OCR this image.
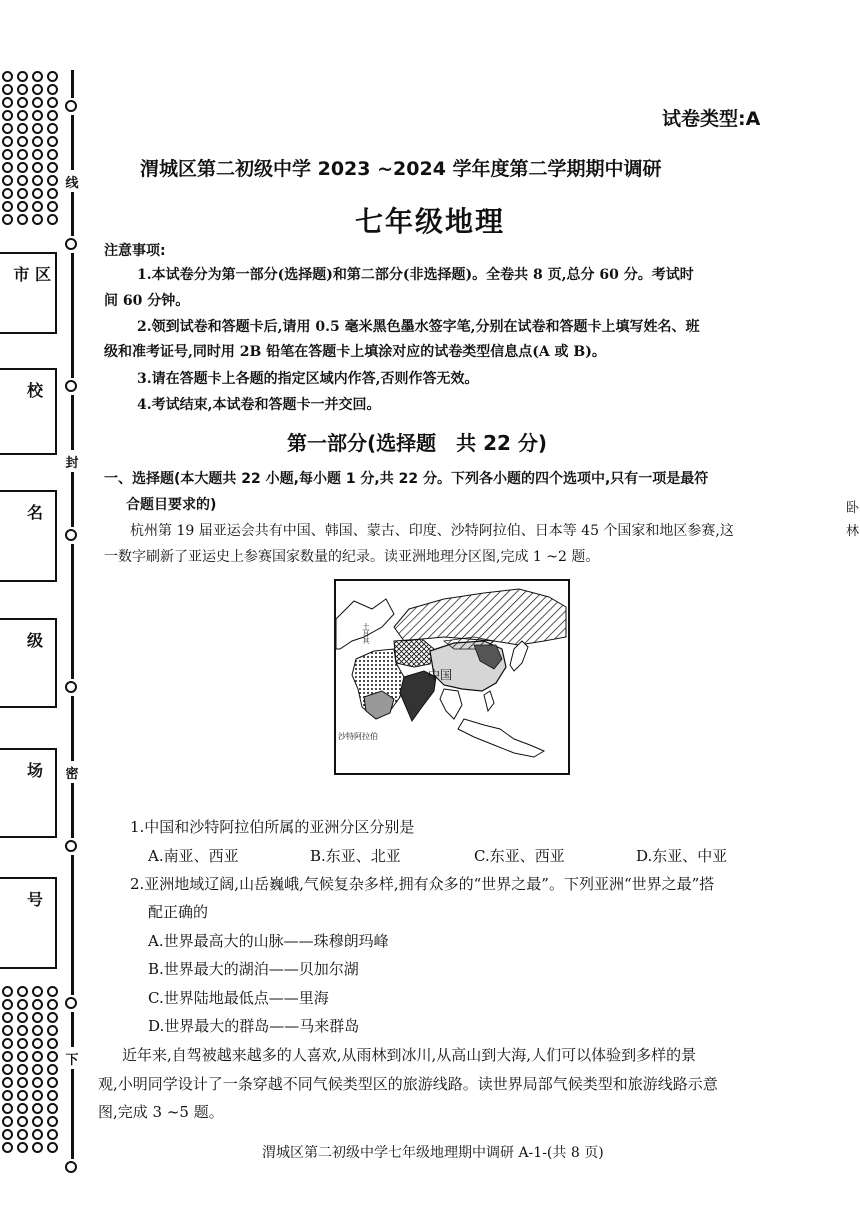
线
封
密
下
市 区
校
名
级
场
号
卧
林
试卷类型:A
渭城区第二初级中学 2023 ~2024 学年度第二学期期中调研
七年级地理
注意事项:
1.本试卷分为第一部分(选择题)和第二部分(非选择题)。全卷共 8 页,总分 60 分。考试时
间 60 分钟。
2.领到试卷和答题卡后,请用 0.5 毫米黑色墨水签字笔,分别在试卷和答题卡上填写姓名、班
级和准考证号,同时用 2B 铅笔在答题卡上填涂对应的试卷类型信息点(A 或 B)。
3.请在答题卡上各题的指定区域内作答,否则作答无效。
4.考试结束,本试卷和答题卡一并交回。
第一部分(选择题　共 22 分)
一、选择题(本大题共 22 小题,每小题 1 分,共 22 分。下列各小题的四个选项中,只有一项是最符
合题目要求的)
杭州第 19 届亚运会共有中国、韩国、蒙古、印度、沙特阿拉伯、日本等 45 个国家和地区参赛,这
一数字刷新了亚运史上参赛国家数量的纪录。读亚洲地理分区图,完成 1 ~2 题。
中国
沙特阿拉伯
土耳其
1.中国和沙特阿拉伯所属的亚洲分区分别是
A.南亚、西亚	B.东亚、北亚	C.东亚、西亚	D.东亚、中亚
2.亚洲地域辽阔,山岳巍峨,气候复杂多样,拥有众多的“世界之最”。下列亚洲“世界之最”搭
配正确的
A.世界最高大的山脉——珠穆朗玛峰
B.世界最大的湖泊——贝加尔湖
C.世界陆地最低点——里海
D.世界最大的群岛——马来群岛
近年来,自驾被越来越多的人喜欢,从雨林到冰川,从高山到大海,人们可以体验到多样的景
观,小明同学设计了一条穿越不同气候类型区的旅游线路。读世界局部气候类型和旅游线路示意
图,完成 3 ~5 题。
渭城区第二初级中学七年级地理期中调研 A-1-(共 8 页)
